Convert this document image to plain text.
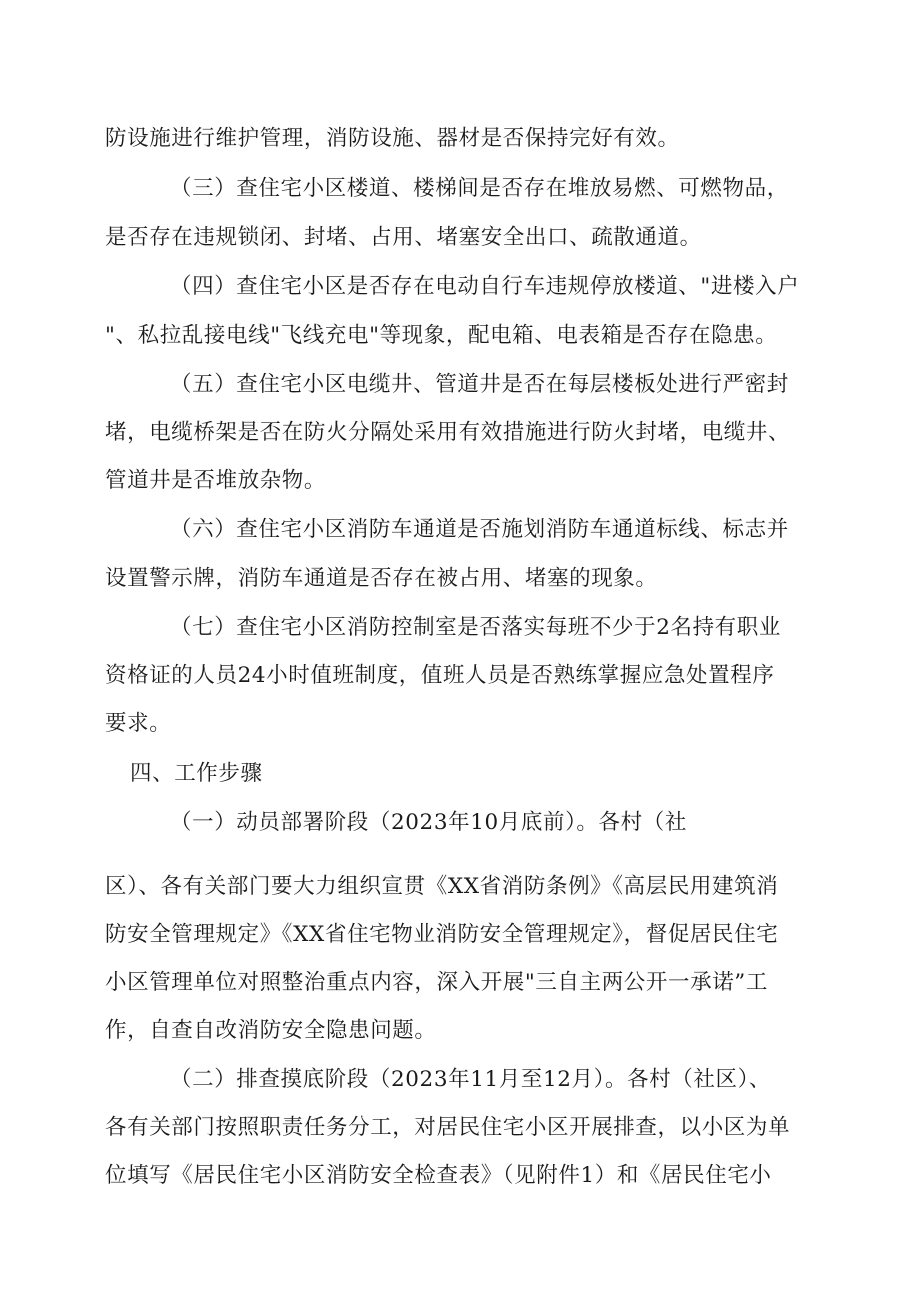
防设施进行维护管理，消防设施、器材是否保持完好有效。
（三）查住宅小区楼道、楼梯间是否存在堆放易燃、可燃物品，
是否存在违规锁闭、封堵、占用、堵塞安全出口、疏散通道。
（四）查住宅小区是否存在电动自行车违规停放楼道、"进楼入户
"、私拉乱接电线"飞线充电"等现象，配电箱、电表箱是否存在隐患。
（五）查住宅小区电缆井、管道井是否在每层楼板处进行严密封
堵，电缆桥架是否在防火分隔处采用有效措施进行防火封堵，电缆井、
管道井是否堆放杂物。
（六）查住宅小区消防车通道是否施划消防车通道标线、标志并
设置警示牌，消防车通道是否存在被占用、堵塞的现象。
（七）查住宅小区消防控制室是否落实每班不少于2名持有职业
资格证的人员24小时值班制度，值班人员是否熟练掌握应急处置程序
要求。
四、工作步骤
（一）动员部署阶段（2023年10月底前）。各村（社
区）、各有关部门要大力组织宣贯《XX省消防条例》《高层民用建筑消
防安全管理规定》《XX省住宅物业消防安全管理规定》，督促居民住宅
小区管理单位对照整治重点内容，深入开展"三自主两公开一承诺”工
作，自查自改消防安全隐患问题。
（二）排查摸底阶段（2023年11月至12月）。各村（社区）、
各有关部门按照职责任务分工，对居民住宅小区开展排查，以小区为单
位填写《居民住宅小区消防安全检查表》（见附件1）和《居民住宅小
